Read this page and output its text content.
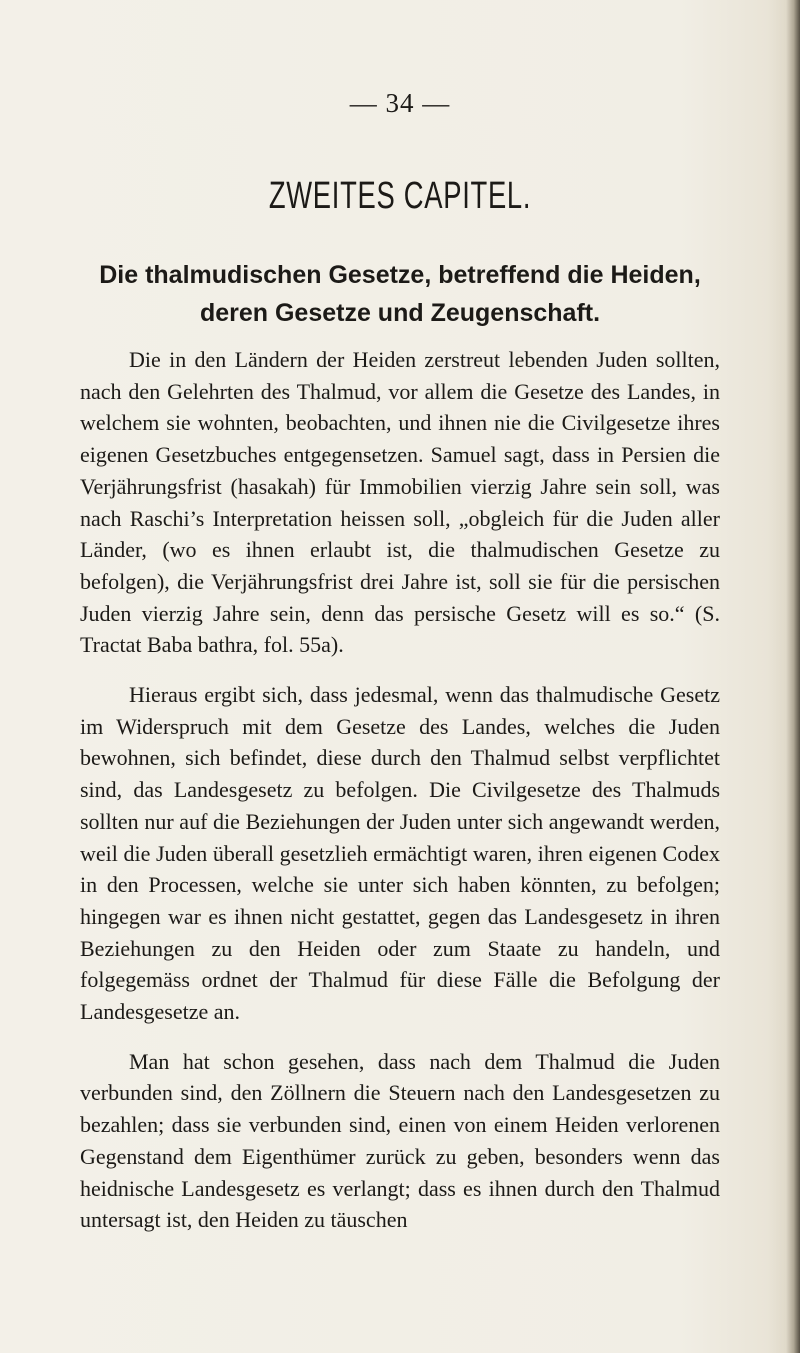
— 34 —
ZWEITES CAPITEL.
Die thalmudischen Gesetze, betreffend die Heiden, deren Gesetze und Zeugenschaft.

Die in den Ländern der Heiden zerstreut lebenden Juden sollten, nach den Gelehrten des Thalmud, vor allem die Gesetze des Landes, in welchem sie wohnten, beobachten, und ihnen nie die Civilgesetze ihres eigenen Gesetzbuches entgegensetzen. Samuel sagt, dass in Persien die Verjährungsfrist (hasakah) für Immobilien vierzig Jahre sein soll, was nach Raschi’s Interpretation heissen soll, „obgleich für die Juden aller Länder, (wo es ihnen erlaubt ist, die thalmudischen Gesetze zu befolgen), die Verjährungsfrist drei Jahre ist, soll sie für die persischen Juden vierzig Jahre sein, denn das persische Gesetz will es so.“ (S. Tractat Baba bathra, fol. 55a).

Hieraus ergibt sich, dass jedesmal, wenn das thalmudische Gesetz im Widerspruch mit dem Gesetze des Landes, welches die Juden bewohnen, sich befindet, diese durch den Thalmud selbst verpflichtet sind, das Landesgesetz zu befolgen. Die Civilgesetze des Thalmuds sollten nur auf die Beziehungen der Juden unter sich angewandt werden, weil die Juden überall gesetzlieh ermächtigt waren, ihren eigenen Codex in den Processen, welche sie unter sich haben könnten, zu befolgen; hingegen war es ihnen nicht gestattet, gegen das Landesgesetz in ihren Beziehungen zu den Heiden oder zum Staate zu handeln, und folgegemäss ordnet der Thalmud für diese Fälle die Befolgung der Landesgesetze an.

Man hat schon gesehen, dass nach dem Thalmud die Juden verbunden sind, den Zöllnern die Steuern nach den Landesgesetzen zu bezahlen; dass sie verbunden sind, einen von einem Heiden verlorenen Gegenstand dem Eigenthümer zurück zu geben, besonders wenn das heidnische Landesgesetz es verlangt; dass es ihnen durch den Thalmud untersagt ist, den Heiden zu täuschen
